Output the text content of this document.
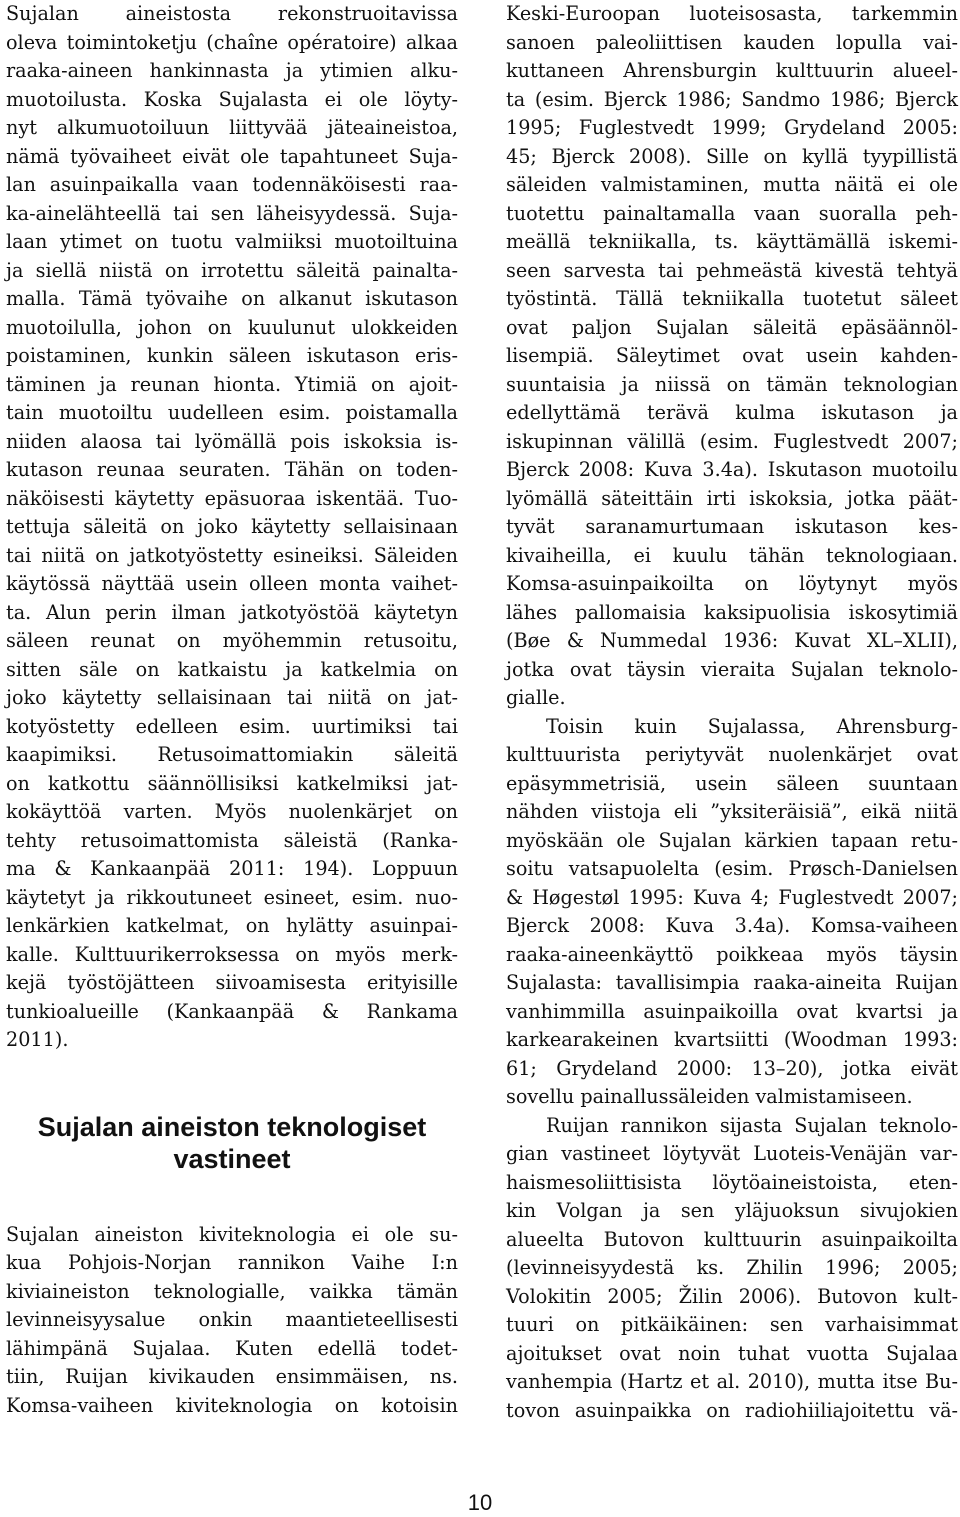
Sujalan aineistosta rekonstruoitavissa
oleva toimintoketju (chaîne opératoire) alkaa
raaka-aineen hankinnasta ja ytimien alku-
muotoilusta. Koska Sujalasta ei ole löyty-
nyt alkumuotoiluun liittyvää jäteaineistoa,
nämä työvaiheet eivät ole tapahtuneet Suja-
lan asuinpaikalla vaan todennäköisesti raa-
ka-ainelähteellä tai sen läheisyydessä. Suja-
laan ytimet on tuotu valmiiksi muotoiltuina
ja siellä niistä on irrotettu säleitä painalta-
malla. Tämä työvaihe on alkanut iskutason
muotoilulla, johon on kuulunut ulokkeiden
poistaminen, kunkin säleen iskutason eris-
täminen ja reunan hionta. Ytimiä on ajoit-
tain muotoiltu uudelleen esim. poistamalla
niiden alaosa tai lyömällä pois iskoksia is-
kutason reunaa seuraten. Tähän on toden-
näköisesti käytetty epäsuoraa iskentää. Tuo-
tettuja säleitä on joko käytetty sellaisinaan
tai niitä on jatkotyöstetty esineiksi. Säleiden
käytössä näyttää usein olleen monta vaihet-
ta. Alun perin ilman jatkotyöstöä käytetyn
säleen reunat on myöhemmin retusoitu,
sitten säle on katkaistu ja katkelmia on
joko käytetty sellaisinaan tai niitä on jat-
kotyöstetty edelleen esim. uurtimiksi tai
kaapimiksi. Retusoimattomiakin säleitä
on katkottu säännöllisiksi katkelmiksi jat-
kokäyttöä varten. Myös nuolenkärjet on
tehty retusoimattomista säleistä (Ranka-
ma & Kankaanpää 2011: 194). Loppuun
käytetyt ja rikkoutuneet esineet, esim. nuo-
lenkärkien katkelmat, on hylätty asuinpai-
kalle. Kulttuurikerroksessa on myös merk-
kejä työstöjätteen siivoamisesta erityisille
tunkioalueille (Kankaanpää & Rankama
2011).
Sujalan aineiston teknologiset
vastineet
Sujalan aineiston kiviteknologia ei ole su-
kua Pohjois-Norjan rannikon Vaihe I:n
kiviaineiston teknologialle, vaikka tämän
levinneisyysalue onkin maantieteellisesti
lähimpänä Sujalaa. Kuten edellä todet-
tiin, Ruijan kivikauden ensimmäisen, ns.
Komsa-vaiheen kiviteknologia on kotoisin
Keski-Euroopan luoteisosasta, tarkemmin
sanoen paleoliittisen kauden lopulla vai-
kuttaneen Ahrensburgin kulttuurin alueel-
ta (esim. Bjerck 1986; Sandmo 1986; Bjerck
1995; Fuglestvedt 1999; Grydeland 2005:
45; Bjerck 2008). Sille on kyllä tyypillistä
säleiden valmistaminen, mutta näitä ei ole
tuotettu painaltamalla vaan suoralla peh-
meällä tekniikalla, ts. käyttämällä iskemi-
seen sarvesta tai pehmeästä kivestä tehtyä
työstintä. Tällä tekniikalla tuotetut säleet
ovat paljon Sujalan säleitä epäsäännöl-
lisempiä. Säleytimet ovat usein kahden-
suuntaisia ja niissä on tämän teknologian
edellyttämä terävä kulma iskutason ja
iskupinnan välillä (esim. Fuglestvedt 2007;
Bjerck 2008: Kuva 3.4a). Iskutason muotoilu
lyömällä säteittäin irti iskoksia, jotka päät-
tyvät saranamurtumaan iskutason kes-
kivaiheilla, ei kuulu tähän teknologiaan.
Komsa-asuinpaikoilta on löytynyt myös
lähes pallomaisia kaksipuolisia iskosytimiä
(Bøe & Nummedal 1936: Kuvat XL–XLII),
jotka ovat täysin vieraita Sujalan teknolo-
gialle.
Toisin kuin Sujalassa, Ahrensburg-
kulttuurista periytyvät nuolenkärjet ovat
epäsymmetrisiä, usein säleen suuntaan
nähden viistoja eli ”yksiteräisiä”, eikä niitä
myöskään ole Sujalan kärkien tapaan retu-
soitu vatsapuolelta (esim. Prøsch-Danielsen
& Høgestøl 1995: Kuva 4; Fuglestvedt 2007;
Bjerck 2008: Kuva 3.4a). Komsa-vaiheen
raaka-aineenkäyttö poikkeaa myös täysin
Sujalasta: tavallisimpia raaka-aineita Ruijan
vanhimmilla asuinpaikoilla ovat kvartsi ja
karkearakeinen kvartsiitti (Woodman 1993:
61; Grydeland 2000: 13–20), jotka eivät
sovellu painallussäleiden valmistamiseen.
Ruijan rannikon sijasta Sujalan teknolo-
gian vastineet löytyvät Luoteis-Venäjän var-
haismesoliittisista löytöaineistoista, eten-
kin Volgan ja sen yläjuoksun sivujokien
alueelta Butovon kulttuurin asuinpaikoilta
(levinneisyydestä ks. Zhilin 1996; 2005;
Volokitin 2005; Žilin 2006). Butovon kult-
tuuri on pitkäikäinen: sen varhaisimmat
ajoitukset ovat noin tuhat vuotta Sujalaa
vanhempia (Hartz et al. 2010), mutta itse Bu-
tovon asuinpaikka on radiohiiliajoitettu vä-
10
